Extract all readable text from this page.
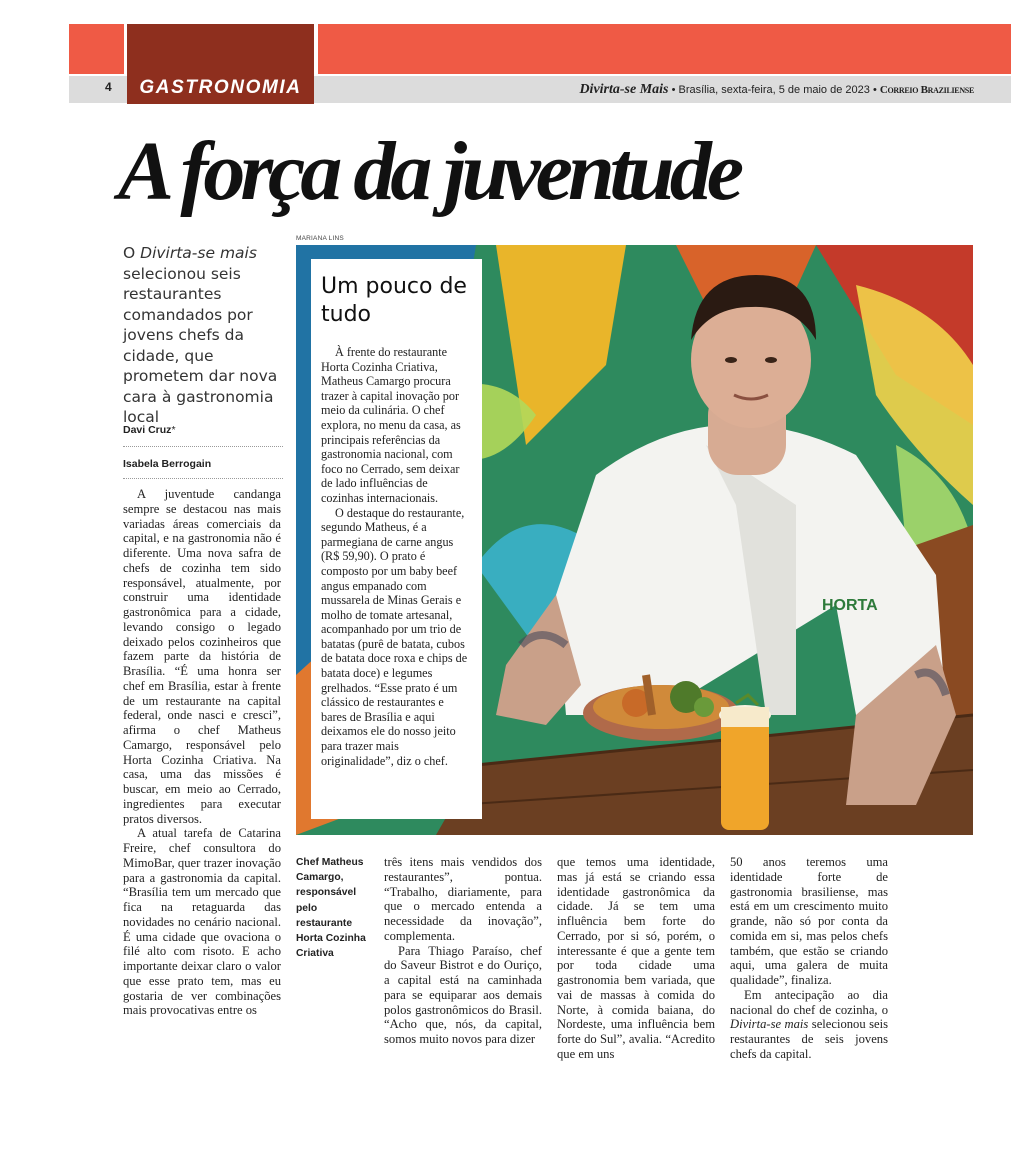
GASTRONOMIA
4	Divirta-se Mais • Brasília, sexta-feira, 5 de maio de 2023 • Correio Braziliense
A força da juventude
O Divirta-se mais selecionou seis restaurantes comandados por jovens chefs da cidade, que prometem dar nova cara à gastronomia local
Davi Cruz*
Isabela Berrogain

A juventude candanga sempre se destacou nas mais variadas áreas comerciais da capital, e na gastronomia não é diferente. Uma nova safra de chefs de cozinha tem sido responsável, atualmente, por construir uma identidade gastronômica para a cidade, levando consigo o legado deixado pelos cozinheiros que fazem parte da história de Brasília. “É uma honra ser chef em Brasília, estar à frente de um restaurante na capital federal, onde nasci e cresci”, afirma o chef Matheus Camargo, responsável pelo Horta Cozinha Criativa. Na casa, uma das missões é buscar, em meio ao Cerrado, ingredientes para executar pratos diversos.

A atual tarefa de Catarina Freire, chef consultora do MimoBar, quer trazer inovação para a gastronomia da capital. “Brasília tem um mercado que fica na retaguarda das novidades no cenário nacional. É uma cidade que ovaciona o filé alto com risoto. E acho importante deixar claro o valor que esse prato tem, mas eu gostaria de ver combinações mais provocativas entre os

MARIANA LINS
HORTA
Um pouco de tudo

À frente do restaurante Horta Cozinha Criativa, Matheus Camargo procura trazer à capital inovação por meio da culinária. O chef explora, no menu da casa, as principais referências da gastronomia nacional, com foco no Cerrado, sem deixar de lado influências de cozinhas internacionais.

O destaque do restaurante, segundo Matheus, é a parmegiana de carne angus (R$ 59,90). O prato é composto por um baby beef angus empanado com mussarela de Minas Gerais e molho de tomate artesanal, acompanhado por um trio de batatas (purê de batata, cubos de batata doce roxa e chips de batata doce) e legumes grelhados. “Esse prato é um clássico de restaurantes e bares de Brasília e aqui deixamos ele do nosso jeito para trazer mais originalidade”, diz o chef.

Chef Matheus Camargo, responsável pelo restaurante Horta Cozinha Criativa

três itens mais vendidos dos restaurantes”, pontua. “Trabalho, diariamente, para que o mercado entenda a necessidade da inovação”, complementa.

Para Thiago Paraíso, chef do Saveur Bistrot e do Ouriço, a capital está na caminhada para se equiparar aos demais polos gastronômicos do Brasil. “Acho que, nós, da capital, somos muito novos para dizer

que temos uma identidade, mas já está se criando essa identidade gastronômica da cidade. Já se tem uma influência bem forte do Cerrado, por si só, porém, o interessante é que a gente tem por toda cidade uma gastronomia bem variada, que vai de massas à comida do Norte, à comida baiana, do Nordeste, uma influência bem forte do Sul”, avalia. “Acredito que em uns

50 anos teremos uma identidade forte de gastronomia brasiliense, mas está em um crescimento muito grande, não só por conta da comida em si, mas pelos chefs também, que estão se criando aqui, uma galera de muita qualidade”, finaliza.

Em antecipação ao dia nacional do chef de cozinha, o Divirta-se mais selecionou seis restaurantes de seis jovens chefs da capital.
